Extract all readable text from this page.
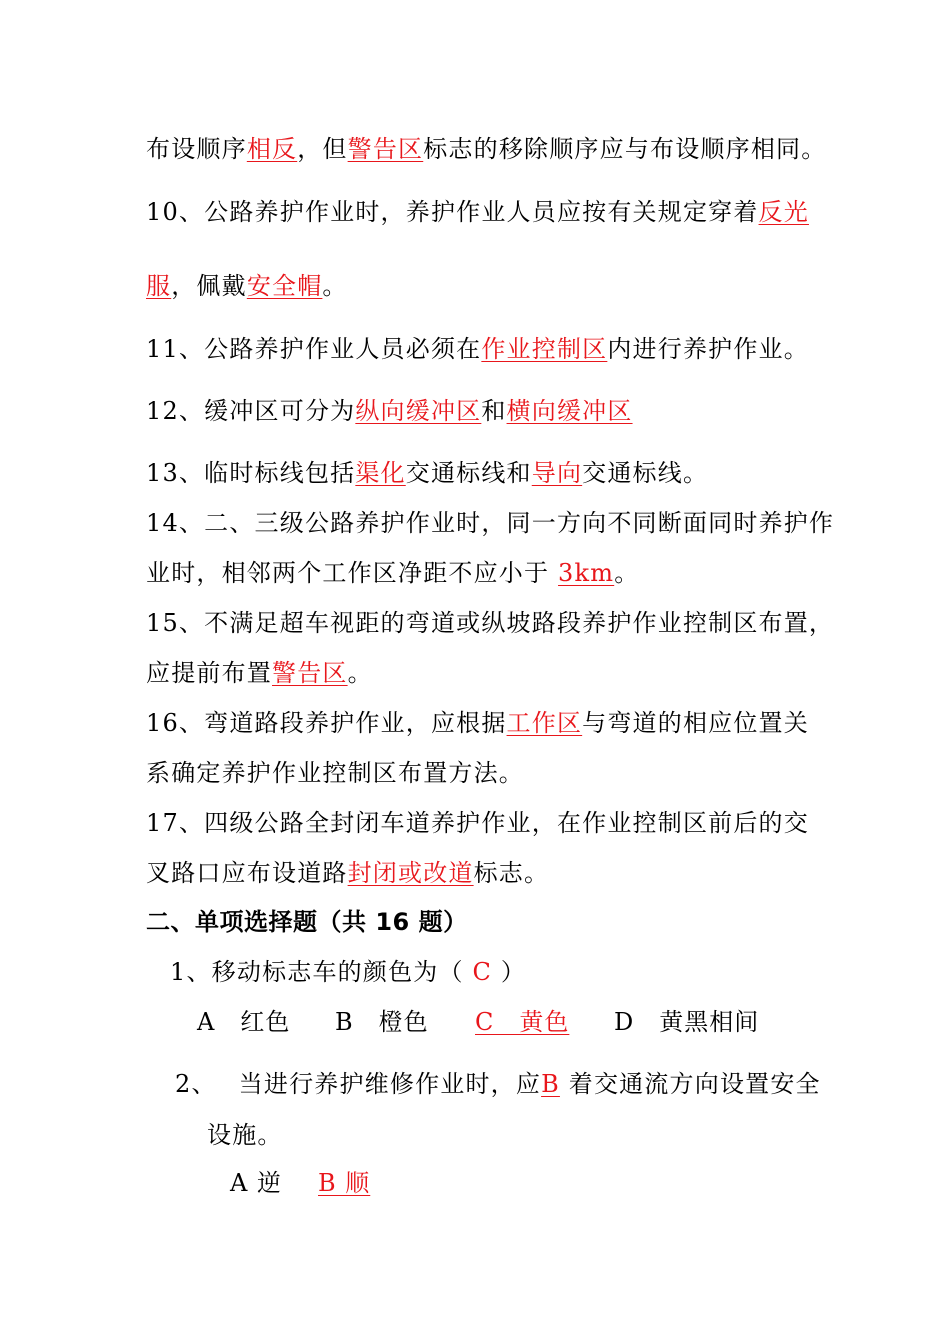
布设顺序相反，但警告区标志的移除顺序应与布设顺序相同。
10、公路养护作业时，养护作业人员应按有关规定穿着反光
服，佩戴安全帽。
11、公路养护作业人员必须在作业控制区内进行养护作业。
12、缓冲区可分为纵向缓冲区和横向缓冲区
13、临时标线包括渠化交通标线和导向交通标线。
14、二、三级公路养护作业时，同一方向不同断面同时养护作
业时，相邻两个工作区净距不应小于 3km。
15、不满足超车视距的弯道或纵坡路段养护作业控制区布置，
应提前布置警告区。
16、弯道路段养护作业，应根据工作区与弯道的相应位置关
系确定养护作业控制区布置方法。
17、四级公路全封闭车道养护作业，在作业控制区前后的交
叉路口应布设道路封闭或改道标志。
二、单项选择题（共 16 题）
1、移动标志车的颜色为（ C ）
A　红色 B　橙色 C　黄色 D　黄黑相间
2、 当进行养护维修作业时，应B 着交通流方向设置安全
设施。
A 逆 B 顺
